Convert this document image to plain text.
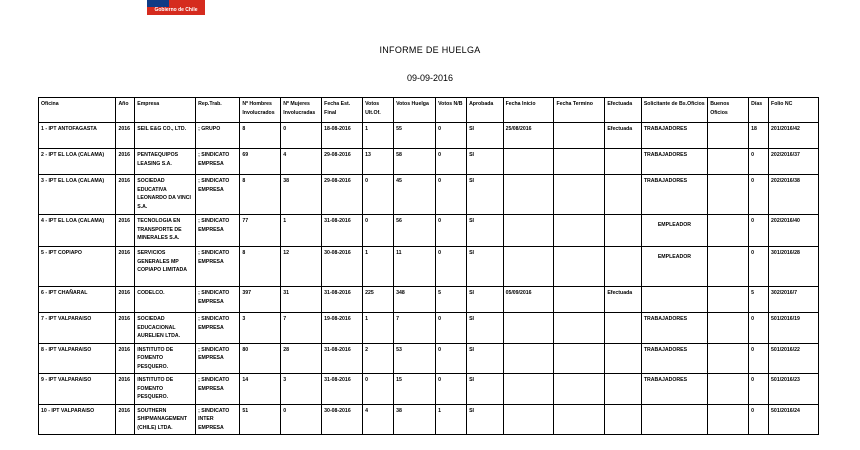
Gobierno de Chile
INFORME DE HUELGA
09-09-2016
Oficina	Año	Empresa	Rep.Trab.	Nº Hombres Involucrados	Nº Mujeres Involucradas	Fecha Est. Final	Votos Ult.Of.	Votos Huelga	Votos N/B	Aprobada	Fecha Inicio	Fecha Termino	Efectuada	Solicitante de Bs.Oficios	Buenos Oficios	Días	Folio NC
1 - IPT ANTOFAGASTA	2016	SEIL E&G CO., LTD.	; GRUPO	8	0	18-08-2016	1	55	0	SI	25/08/2016		Efectuada	TRABAJADORES		18	201/2016/42
2 - IPT EL LOA (CALAMA)	2016	PENTAEQUIPOS LEASING S.A.	; SINDICATO EMPRESA	69	4	29-08-2016	13	58	0	SI				TRABAJADORES		0	202/2016/37
3 - IPT EL LOA (CALAMA)	2016	SOCIEDAD EDUCATIVA LEONARDO DA VINCI S.A.	; SINDICATO EMPRESA	8	38	29-08-2016	0	45	0	SI				TRABAJADORES		0	202/2016/38
4 - IPT EL LOA (CALAMA)	2016	TECNOLOGIA EN TRANSPORTE DE MINERALES S.A.	; SINDICATO EMPRESA	77	1	31-08-2016	0	56	0	SI				EMPLEADOR		0	202/2016/40
5 - IPT COPIAPO	2016	SERVICIOS GENERALES MP COPIAPO LIMITADA	; SINDICATO EMPRESA	8	12	30-08-2016	1	11	0	SI				EMPLEADOR		0	301/2016/28
6 - IPT CHAÑARAL	2016	CODELCO.	; SINDICATO EMPRESA	397	31	31-08-2016	225	348	5	SI	05/09/2016		Efectuada			5	302/2016/7
7 - IPT VALPARAISO	2016	SOCIEDAD EDUCACIONAL AURELIEN LTDA.	; SINDICATO EMPRESA	3	7	19-08-2016	1	7	0	SI				TRABAJADORES		0	501/2016/19
8 - IPT VALPARAISO	2016	INSTITUTO DE FOMENTO PESQUERO.	; SINDICATO EMPRESA	80	28	31-08-2016	2	53	0	SI				TRABAJADORES		0	501/2016/22
9 - IPT VALPARAISO	2016	INSTITUTO DE FOMENTO PESQUERO.	; SINDICATO EMPRESA	14	3	31-08-2016	0	15	0	SI				TRABAJADORES		0	501/2016/23
10 - IPT VALPARAISO	2016	SOUTHERN SHIPMANAGEMENT (CHILE) LTDA.	; SINDICATO INTER EMPRESA	51	0	30-08-2016	4	38	1	SI						0	501/2016/24
